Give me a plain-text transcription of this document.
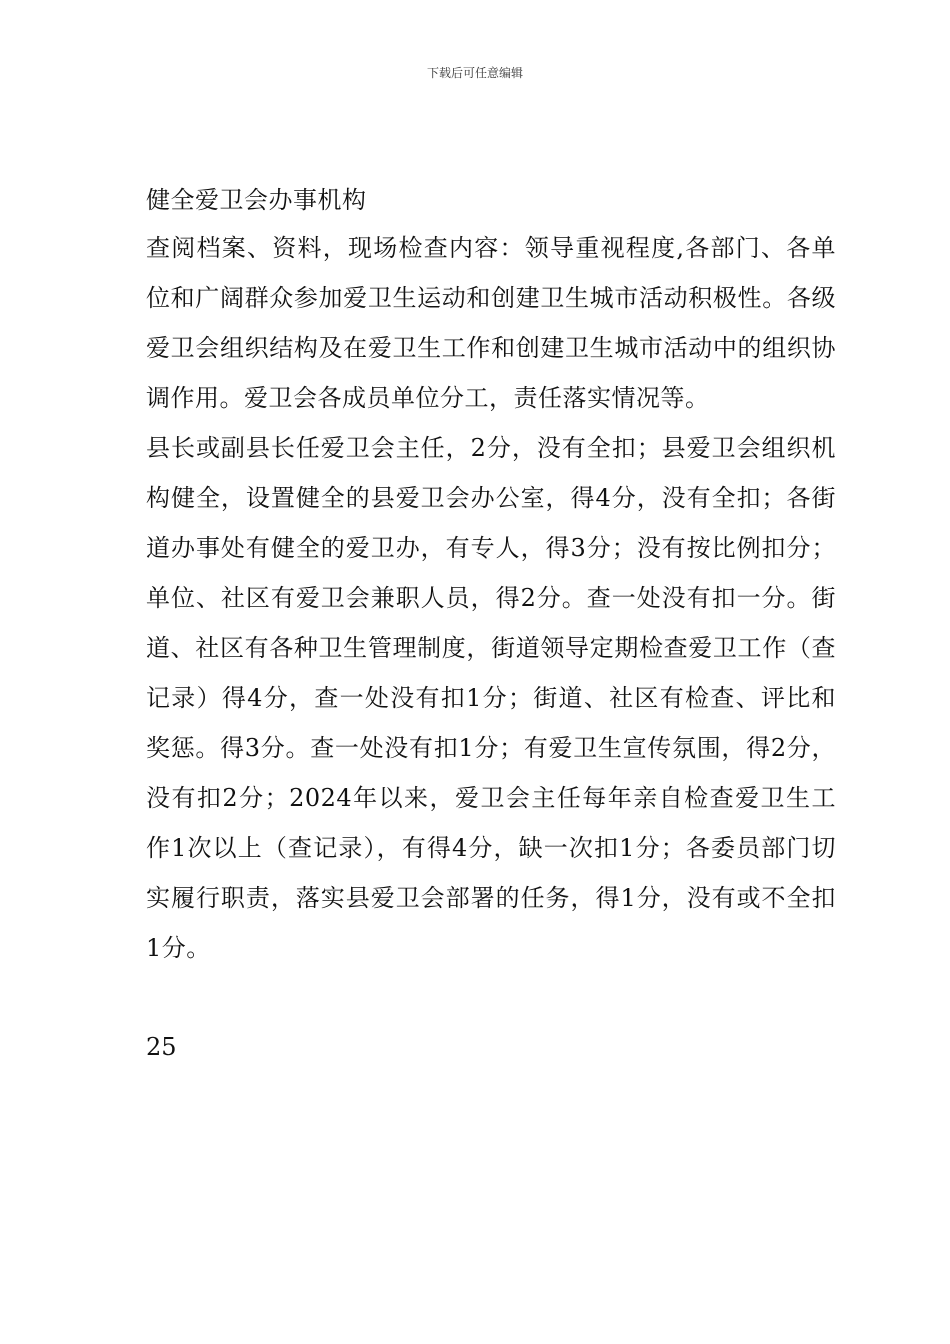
下载后可任意编辑

健全爱卫会办事机构

查阅档案、资料，现场检查内容：领导重视程度,各部门、各单位和广阔群众参加爱卫生运动和创建卫生城市活动积极性。各级爱卫会组织结构及在爱卫生工作和创建卫生城市活动中的组织协调作用。爱卫会各成员单位分工，责任落实情况等。

县长或副县长任爱卫会主任，2分，没有全扣；县爱卫会组织机构健全，设置健全的县爱卫会办公室，得4分，没有全扣；各街道办事处有健全的爱卫办，有专人，得3分；没有按比例扣分；单位、社区有爱卫会兼职人员，得2分。查一处没有扣一分。街道、社区有各种卫生管理制度，街道领导定期检查爱卫工作（查记录）得4分，查一处没有扣1分；街道、社区有检查、评比和奖惩。得3分。查一处没有扣1分；有爱卫生宣传氛围，得2分，没有扣2分；2024年以来，爱卫会主任每年亲自检查爱卫生工作1次以上（查记录），有得4分，缺一次扣1分；各委员部门切实履行职责，落实县爱卫会部署的任务，得1分，没有或不全扣1分。

25
